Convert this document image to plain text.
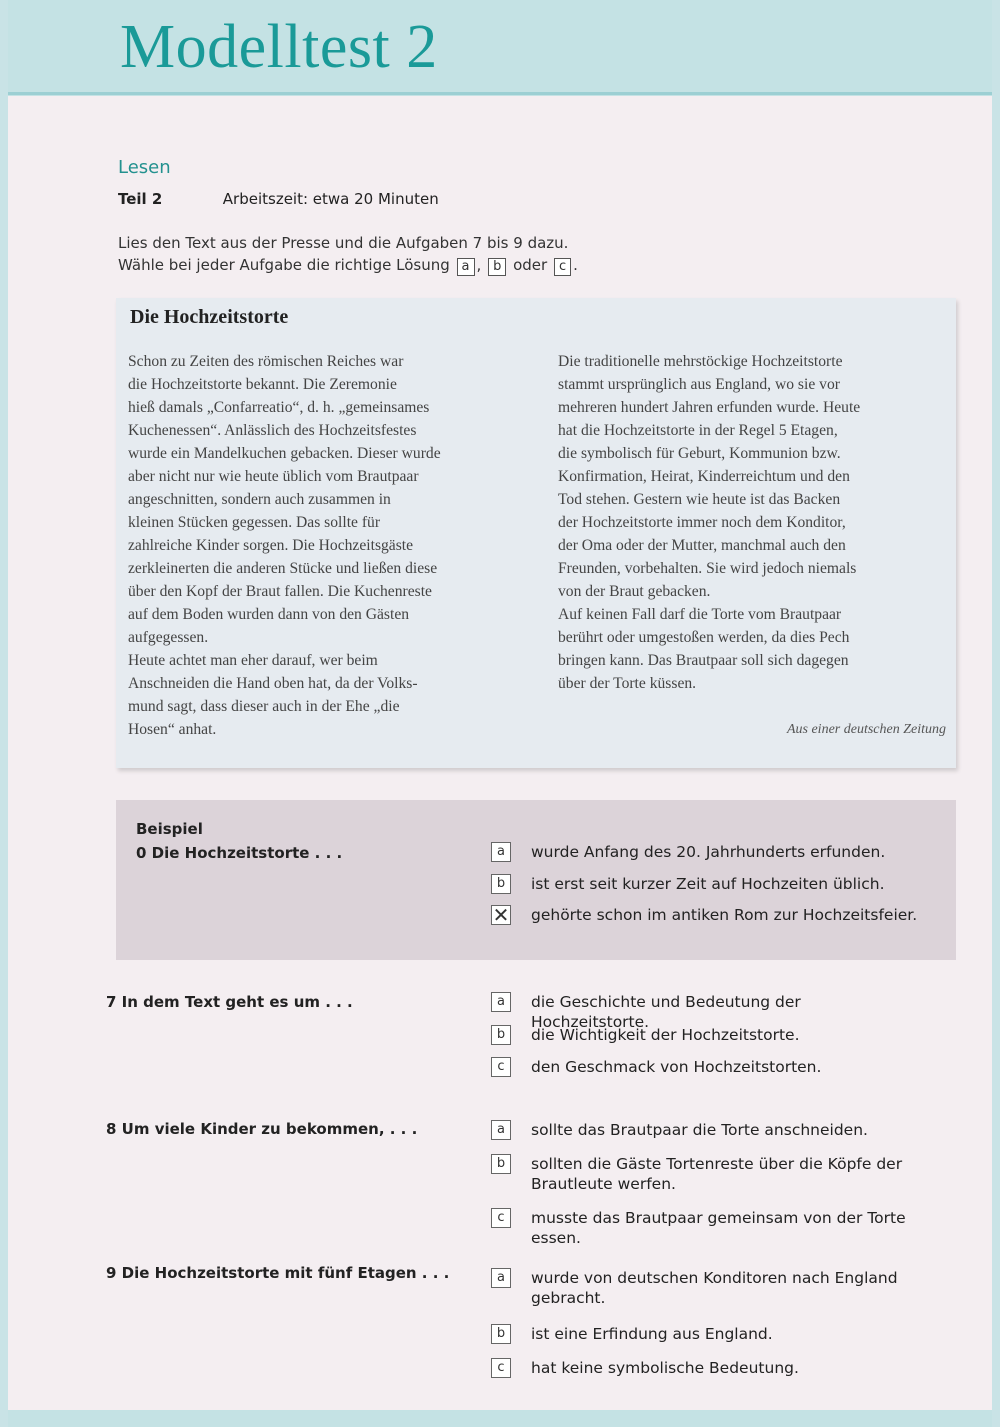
Modelltest 2
Lesen
Teil 2	Arbeitszeit: etwa 20 Minuten
Lies den Text aus der Presse und die Aufgaben 7 bis 9 dazu.
Wähle bei jeder Aufgabe die richtige Lösung a , b oder c .
Die Hochzeitstorte

Schon zu Zeiten des römischen Reiches war

die Hochzeitstorte bekannt. Die Zeremonie

hieß damals „Confarreatio“, d. h. „gemeinsames

Kuchenessen“. Anlässlich des Hochzeitsfestes

wurde ein Mandelkuchen gebacken. Dieser wurde

aber nicht nur wie heute üblich vom Brautpaar

angeschnitten, sondern auch zusammen in

kleinen Stücken gegessen. Das sollte für

zahlreiche Kinder sorgen. Die Hochzeitsgäste

zerkleinerten die anderen Stücke und ließen diese

über den Kopf der Braut fallen. Die Kuchenreste

auf dem Boden wurden dann von den Gästen

aufgegessen.

Heute achtet man eher darauf, wer beim

Anschneiden die Hand oben hat, da der Volks-

mund sagt, dass dieser auch in der Ehe „die

Hosen“ anhat.

Die traditionelle mehrstöckige Hochzeitstorte

stammt ursprünglich aus England, wo sie vor

mehreren hundert Jahren erfunden wurde. Heute

hat die Hochzeitstorte in der Regel 5 Etagen,

die symbolisch für Geburt, Kommunion bzw.

Konfirmation, Heirat, Kinderreichtum und den

Tod stehen. Gestern wie heute ist das Backen

der Hochzeitstorte immer noch dem Konditor,

der Oma oder der Mutter, manchmal auch den

Freunden, vorbehalten. Sie wird jedoch niemals

von der Braut gebacken.

Auf keinen Fall darf die Torte vom Brautpaar

berührt oder umgestoßen werden, da dies Pech

bringen kann. Das Brautpaar soll sich dagegen

über der Torte küssen.

Aus einer deutschen Zeitung
Beispiel
0 Die Hochzeitstorte . . .	a	wurde Anfang des 20. Jahrhunderts erfunden.
b	ist erst seit kurzer Zeit auf Hochzeiten üblich.
✕ gehörte schon im antiken Rom zur Hochzeitsfeier.
7 In dem Text geht es um . . .	a	die Geschichte und Bedeutung der Hochzeitstorte.
b	die Wichtigkeit der Hochzeitstorte.
c	den Geschmack von Hochzeitstorten.
8 Um viele Kinder zu bekommen, . . .	a	sollte das Brautpaar die Torte anschneiden.
b	sollten die Gäste Tortenreste über die Köpfe der Brautleute werfen.
c	musste das Brautpaar gemeinsam von der Torte essen.
9 Die Hochzeitstorte mit fünf Etagen . . .	a	wurde von deutschen Konditoren nach England gebracht.
b	ist eine Erfindung aus England.
c	hat keine symbolische Bedeutung.
